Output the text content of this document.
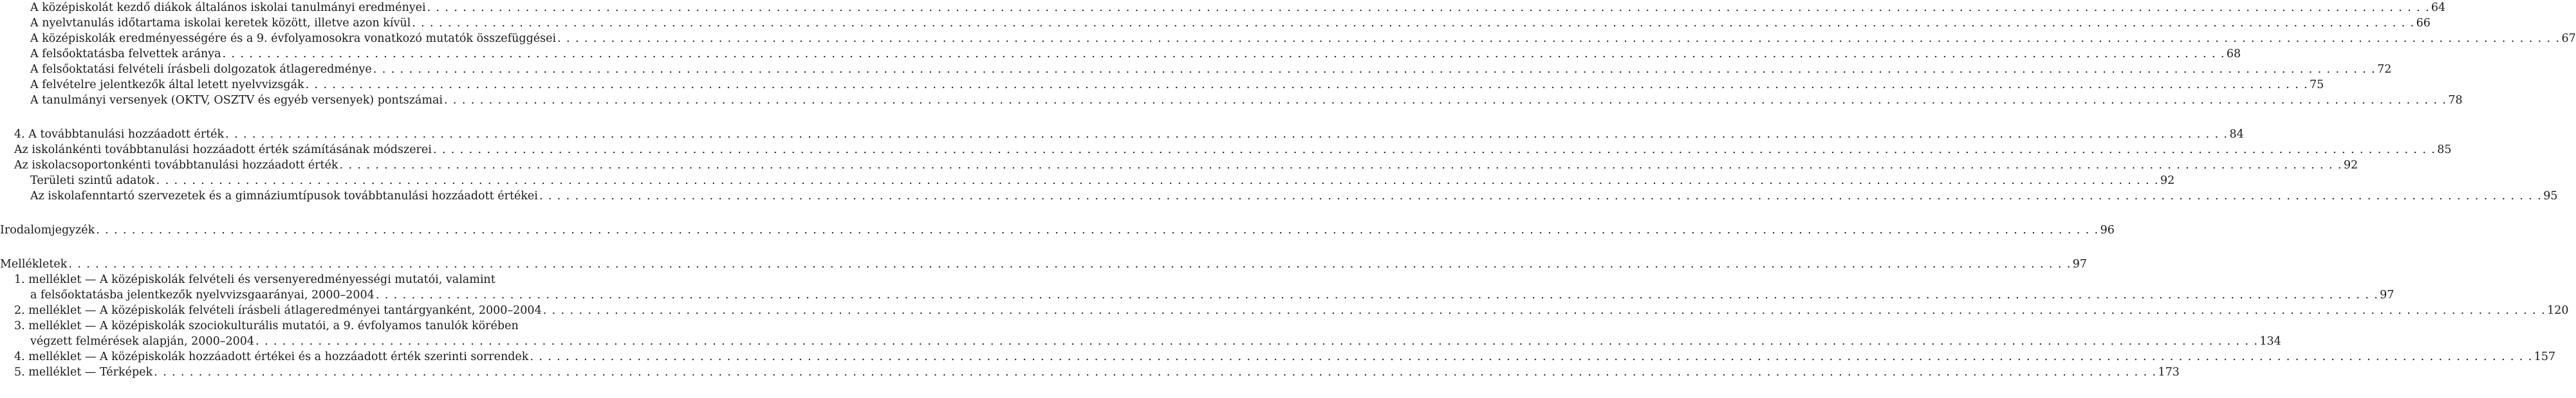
A középiskolát kezdő diákok általános iskolai tanulmányi eredményei . . .	64
A nyelvtanulás időtartama iskolai keretek között, illetve azon kívül . . .	66
A középiskolák eredményességére és a 9. évfolyamosokra vonatkozó mutatók összefüggései . . .	67
A felsőoktatásba felvettek aránya . . .	68
A felsőoktatási felvételi írásbeli dolgozatok átlageredménye . . .	72
A felvételre jelentkezők által letett nyelvvizsgák . . .	75
A tanulmányi versenyek (OKTV, OSZTV és egyéb versenyek) pontszámai . . .	78
4. A továbbtanulási hozzáadott érték . . .	84
Az iskolánkénti továbbtanulási hozzáadott érték számításának módszerei . . .	85
Az iskolacsoportonkénti továbbtanulási hozzáadott érték . . .	92
Területi szintű adatok . . .	92
Az iskolafenntartó szervezetek és a gimnáziumtípusok továbbtanulási hozzáadott értékei . . .	95
Irodalomjegyzék . . .	96
Mellékletek . . .	97
1. melléklet — A középiskolák felvételi és versenyeredményességi mutatói, valamint
a felsőoktatásba jelentkezők nyelvvizsgaarányai, 2000–2004 . . .	97
2. melléklet — A középiskolák felvételi írásbeli átlageredményei tantárgyanként, 2000–2004 . . .	120
3. melléklet — A középiskolák szociokulturális mutatói, a 9. évfolyamos tanulók körében
végzett felmérések alapján, 2000–2004 . . .	134
4. melléklet — A középiskolák hozzáadott értékei és a hozzáadott érték szerinti sorrendek . . .	157
5. melléklet — Térképek . . .	173
